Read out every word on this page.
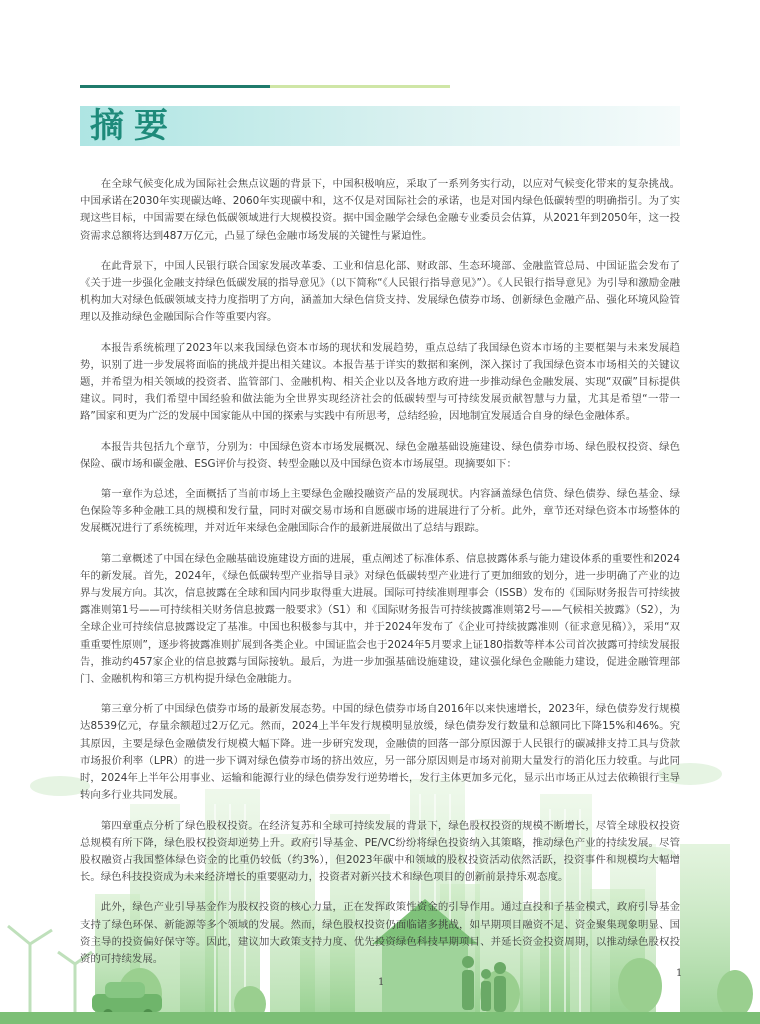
摘要

在全球气候变化成为国际社会焦点议题的背景下，中国积极响应，采取了一系列务实行动，以应对气候变化带来的复杂挑战。中国承诺在2030年实现碳达峰、2060年实现碳中和，这不仅是对国际社会的承诺，也是对国内绿色低碳转型的明确指引。为了实现这些目标，中国需要在绿色低碳领域进行大规模投资。据中国金融学会绿色金融专业委员会估算，从2021年到2050年，这一投资需求总额将达到487万亿元，凸显了绿色金融市场发展的关键性与紧迫性。

在此背景下，中国人民银行联合国家发展改革委、工业和信息化部、财政部、生态环境部、金融监管总局、中国证监会发布了《关于进一步强化金融支持绿色低碳发展的指导意见》（以下简称“《人民银行指导意见》”）。《人民银行指导意见》为引导和激励金融机构加大对绿色低碳领域支持力度指明了方向，涵盖加大绿色信贷支持、发展绿色债券市场、创新绿色金融产品、强化环境风险管理以及推动绿色金融国际合作等重要内容。

本报告系统梳理了2023年以来我国绿色资本市场的现状和发展趋势，重点总结了我国绿色资本市场的主要框架与未来发展趋势，识别了进一步发展将面临的挑战并提出相关建议。本报告基于详实的数据和案例，深入探讨了我国绿色资本市场相关的关键议题，并希望为相关领域的投资者、监管部门、金融机构、相关企业以及各地方政府进一步推动绿色金融发展、实现“双碳”目标提供建议。同时，我们希望中国经验和做法能为全世界实现经济社会的低碳转型与可持续发展贡献智慧与力量，尤其是希望“一带一路”国家和更为广泛的发展中国家能从中国的探索与实践中有所思考，总结经验，因地制宜发展适合自身的绿色金融体系。

本报告共包括九个章节，分别为：中国绿色资本市场发展概况、绿色金融基础设施建设、绿色债券市场、绿色股权投资、绿色保险、碳市场和碳金融、ESG评价与投资、转型金融以及中国绿色资本市场展望。现摘要如下：

第一章作为总述，全面概括了当前市场上主要绿色金融投融资产品的发展现状。内容涵盖绿色信贷、绿色债券、绿色基金、绿色保险等多种金融工具的规模和发行量，同时对碳交易市场和自愿碳市场的进展进行了分析。此外，章节还对绿色资本市场整体的发展概况进行了系统梳理，并对近年来绿色金融国际合作的最新进展做出了总结与跟踪。

第二章概述了中国在绿色金融基础设施建设方面的进展，重点阐述了标准体系、信息披露体系与能力建设体系的重要性和2024年的新发展。首先，2024年，《绿色低碳转型产业指导目录》对绿色低碳转型产业进行了更加细致的划分，进一步明确了产业的边界与发展方向。其次，信息披露在全球和国内同步取得重大进展。国际可持续准则理事会（ISSB）发布的《国际财务报告可持续披露准则第1号——可持续相关财务信息披露一般要求》（S1）和《国际财务报告可持续披露准则第2号——气候相关披露》（S2），为全球企业可持续信息披露设定了基准。中国也积极参与其中，并于2024年发布了《企业可持续披露准则（征求意见稿）》，采用“双重重要性原则”，逐步将披露准则扩展到各类企业。中国证监会也于2024年5月要求上证180指数等样本公司首次披露可持续发展报告，推动约457家企业的信息披露与国际接轨。最后，为进一步加强基础设施建设，建议强化绿色金融能力建设，促进金融管理部门、金融机构和第三方机构提升绿色金融能力。

第三章分析了中国绿色债券市场的最新发展态势。中国的绿色债券市场自2016年以来快速增长，2023年，绿色债券发行规模达8539亿元，存量余额超过2万亿元。然而，2024上半年发行规模明显放缓，绿色债券发行数量和总额同比下降15%和46%。究其原因，主要是绿色金融债发行规模大幅下降。进一步研究发现，金融债的回落一部分原因源于人民银行的碳减排支持工具与贷款市场报价利率（LPR）的进一步下调对绿色债券市场的挤出效应，另一部分原因则是市场对前期大量发行的消化压力较重。与此同时，2024年上半年公用事业、运输和能源行业的绿色债券发行逆势增长，发行主体更加多元化，显示出市场正从过去依赖银行主导转向多行业共同发展。

第四章重点分析了绿色股权投资。在经济复苏和全球可持续发展的背景下，绿色股权投资的规模不断增长，尽管全球股权投资总规模有所下降，绿色股权投资却逆势上升。政府引导基金、PE/VC纷纷将绿色投资纳入其策略，推动绿色产业的持续发展。尽管股权融资占我国整体绿色资金的比重仍较低（约3%），但2023年碳中和领域的股权投资活动依然活跃，投资事件和规模均大幅增长。绿色科技投资成为未来经济增长的重要驱动力，投资者对新兴技术和绿色项目的创新前景持乐观态度。

此外，绿色产业引导基金作为股权投资的核心力量，正在发挥政策性资金的引导作用。通过直投和子基金模式，政府引导基金支持了绿色环保、新能源等多个领域的发展。然而，绿色股权投资仍面临诸多挑战，如早期项目融资不足、资金聚集现象明显、国资主导的投资偏好保守等。因此，建议加大政策支持力度、优先投资绿色科技早期项目、并延长资金投资周期，以推动绿色股权投资的可持续发展。

1
1
